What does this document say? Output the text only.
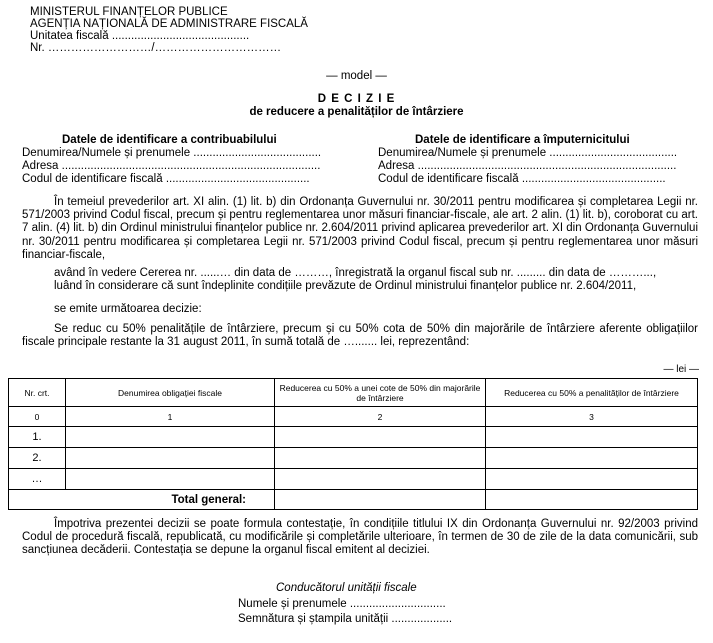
MINISTERUL FINANȚELOR PUBLICE
AGENȚIA NAȚIONALĂ DE ADMINISTRARE FISCALĂ
Unitatea fiscală ...........................................
Nr. ………………………/……………………………
— model —
D E C I Z I E
de reducere a penalităților de întârziere
Datele de identificare a contribuabilului
Denumirea/Numele și prenumele ........................................
Adresa .................................................................................
Codul de identificare fiscală .............................................
Datele de identificare a împuternicitului
Denumirea/Numele și prenumele ........................................
Adresa .................................................................................
Codul de identificare fiscală .............................................
În temeiul prevederilor art. XI alin. (1) lit. b) din Ordonanța Guvernului nr. 30/2011 pentru modificarea și completarea Legii nr. 571/2003 privind Codul fiscal, precum și pentru reglementarea unor măsuri financiar-fiscale, ale art. 2 alin. (1) lit. b), coroborat cu art. 7 alin. (4) lit. b) din Ordinul ministrului finanțelor publice nr. 2.604/2011 privind aplicarea prevederilor art. XI din Ordonanța Guvernului nr. 30/2011 pentru modificarea și completarea Legii nr. 571/2003 privind Codul fiscal, precum și pentru reglementarea unor măsuri financiar-fiscale,
având în vedere Cererea nr. ......… din data de ………, înregistrată la organul fiscal sub nr. ......... din data de ………...,
luând în considerare că sunt îndeplinite condițiile prevăzute de Ordinul ministrului finanțelor publice nr. 2.604/2011,
se emite următoarea decizie:
Se reduc cu 50% penalitățile de întârziere, precum și cu 50% cota de 50% din majorările de întârziere aferente obligațiilor fiscale principale restante la 31 august 2011, în sumă totală de …....... lei, reprezentând:
— lei —
Nr. crt.	Denumirea obligației fiscale	Reducerea cu 50% a unei cote de 50% din majorările de întârziere	Reducerea cu 50% a penalităților de întârziere
0	1	2	3
1.			
2.			
…			
Total general:			
Împotriva prezentei decizii se poate formula contestație, în condițiile titlului IX din Ordonanța Guvernului nr. 92/2003 privind Codul de procedură fiscală, republicată, cu modificările și completările ulterioare, în termen de 30 de zile de la data comunicării, sub sancțiunea decăderii. Contestația se depune la organul fiscal emitent al deciziei.
Conducătorul unității fiscale
Numele și prenumele ..............................
Semnătura și ștampila unității ...................
